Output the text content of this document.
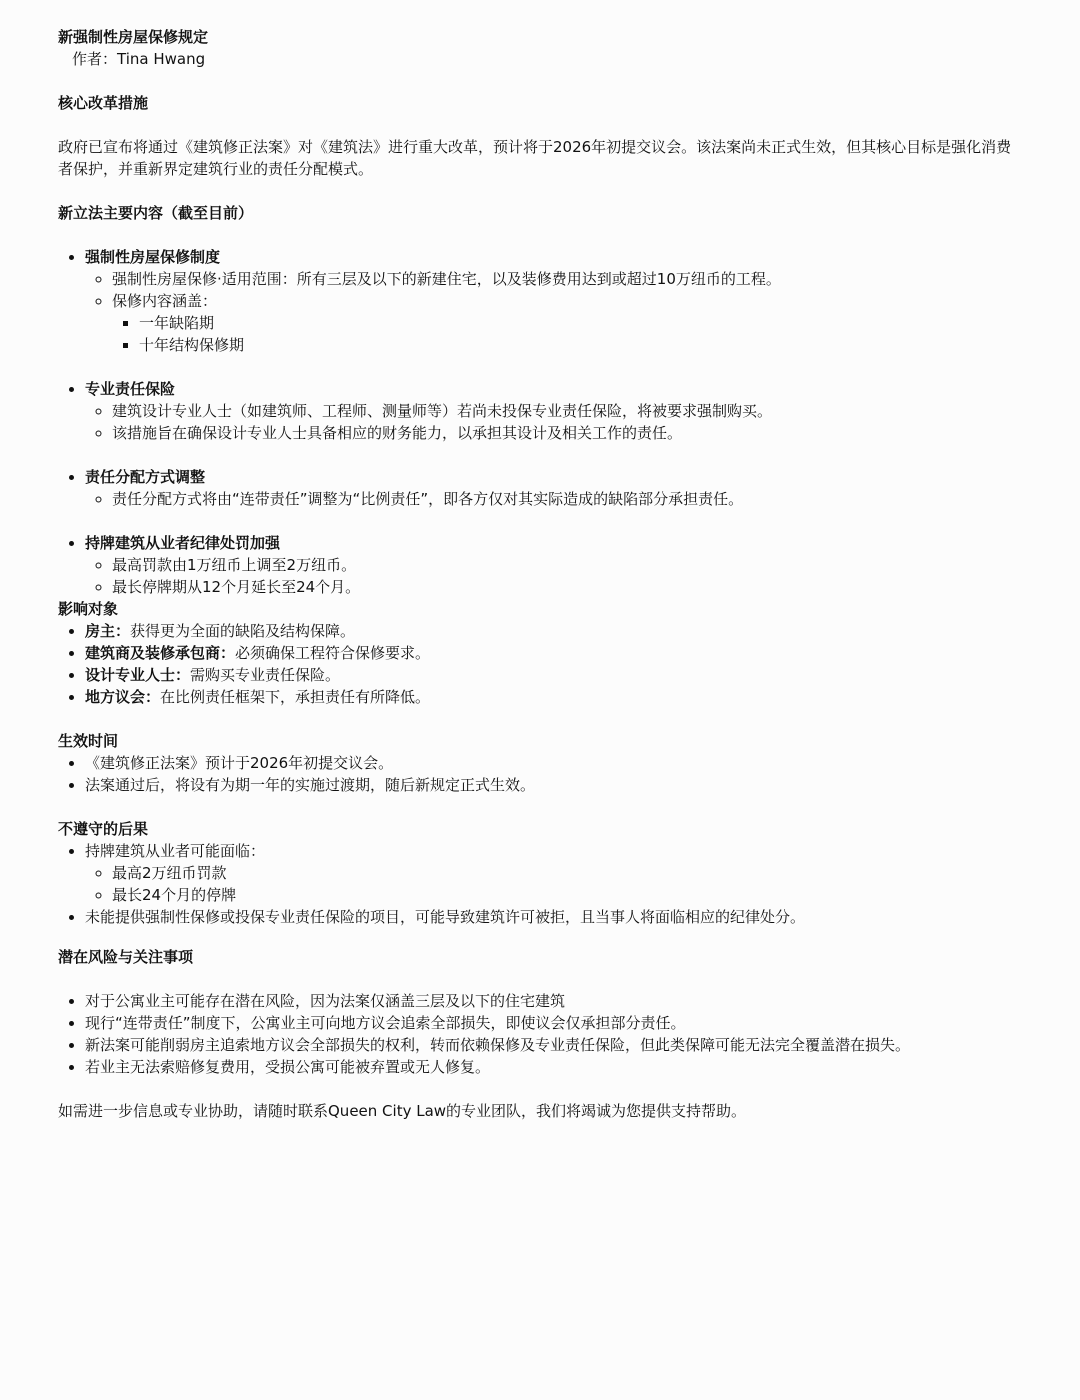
新强制性房屋保修规定

作者：Tina Hwang

核心改革措施

政府已宣布将通过《建筑修正法案》对《建筑法》进行重大改革，预计将于2026年初提交议会。该法案尚未正式生效，但其核心目标是强化消费者保护，并重新界定建筑行业的责任分配模式。

新立法主要内容（截至目前）

• 强制性房屋保修制度
◦ 强制性房屋保修·适用范围：所有三层及以下的新建住宅，以及装修费用达到或超过10万纽币的工程。
◦ 保修内容涵盖：
▪ 一年缺陷期
▪ 十年结构保修期
• 专业责任保险
◦ 建筑设计专业人士（如建筑师、工程师、测量师等）若尚未投保专业责任保险，将被要求强制购买。
◦ 该措施旨在确保设计专业人士具备相应的财务能力，以承担其设计及相关工作的责任。
• 责任分配方式调整
◦ 责任分配方式将由“连带责任”调整为“比例责任”，即各方仅对其实际造成的缺陷部分承担责任。
• 持牌建筑从业者纪律处罚加强
◦ 最高罚款由1万纽币上调至2万纽币。
◦ 最长停牌期从12个月延长至24个月。

影响对象

• 房主：获得更为全面的缺陷及结构保障。
• 建筑商及装修承包商：必须确保工程符合保修要求。
• 设计专业人士：需购买专业责任保险。
• 地方议会：在比例责任框架下，承担责任有所降低。

生效时间

• 《建筑修正法案》预计于2026年初提交议会。
• 法案通过后，将设有为期一年的实施过渡期，随后新规定正式生效。

不遵守的后果

• 持牌建筑从业者可能面临：
◦ 最高2万纽币罚款
◦ 最长24个月的停牌
• 未能提供强制性保修或投保专业责任保险的项目，可能导致建筑许可被拒，且当事人将面临相应的纪律处分。

潜在风险与关注事项

• 对于公寓业主可能存在潜在风险，因为法案仅涵盖三层及以下的住宅建筑
• 现行“连带责任”制度下，公寓业主可向地方议会追索全部损失，即使议会仅承担部分责任。
• 新法案可能削弱房主追索地方议会全部损失的权利，转而依赖保修及专业责任保险，但此类保障可能无法完全覆盖潜在损失。
• 若业主无法索赔修复费用，受损公寓可能被弃置或无人修复。

如需进一步信息或专业协助，请随时联系Queen City Law的专业团队，我们将竭诚为您提供支持帮助。
